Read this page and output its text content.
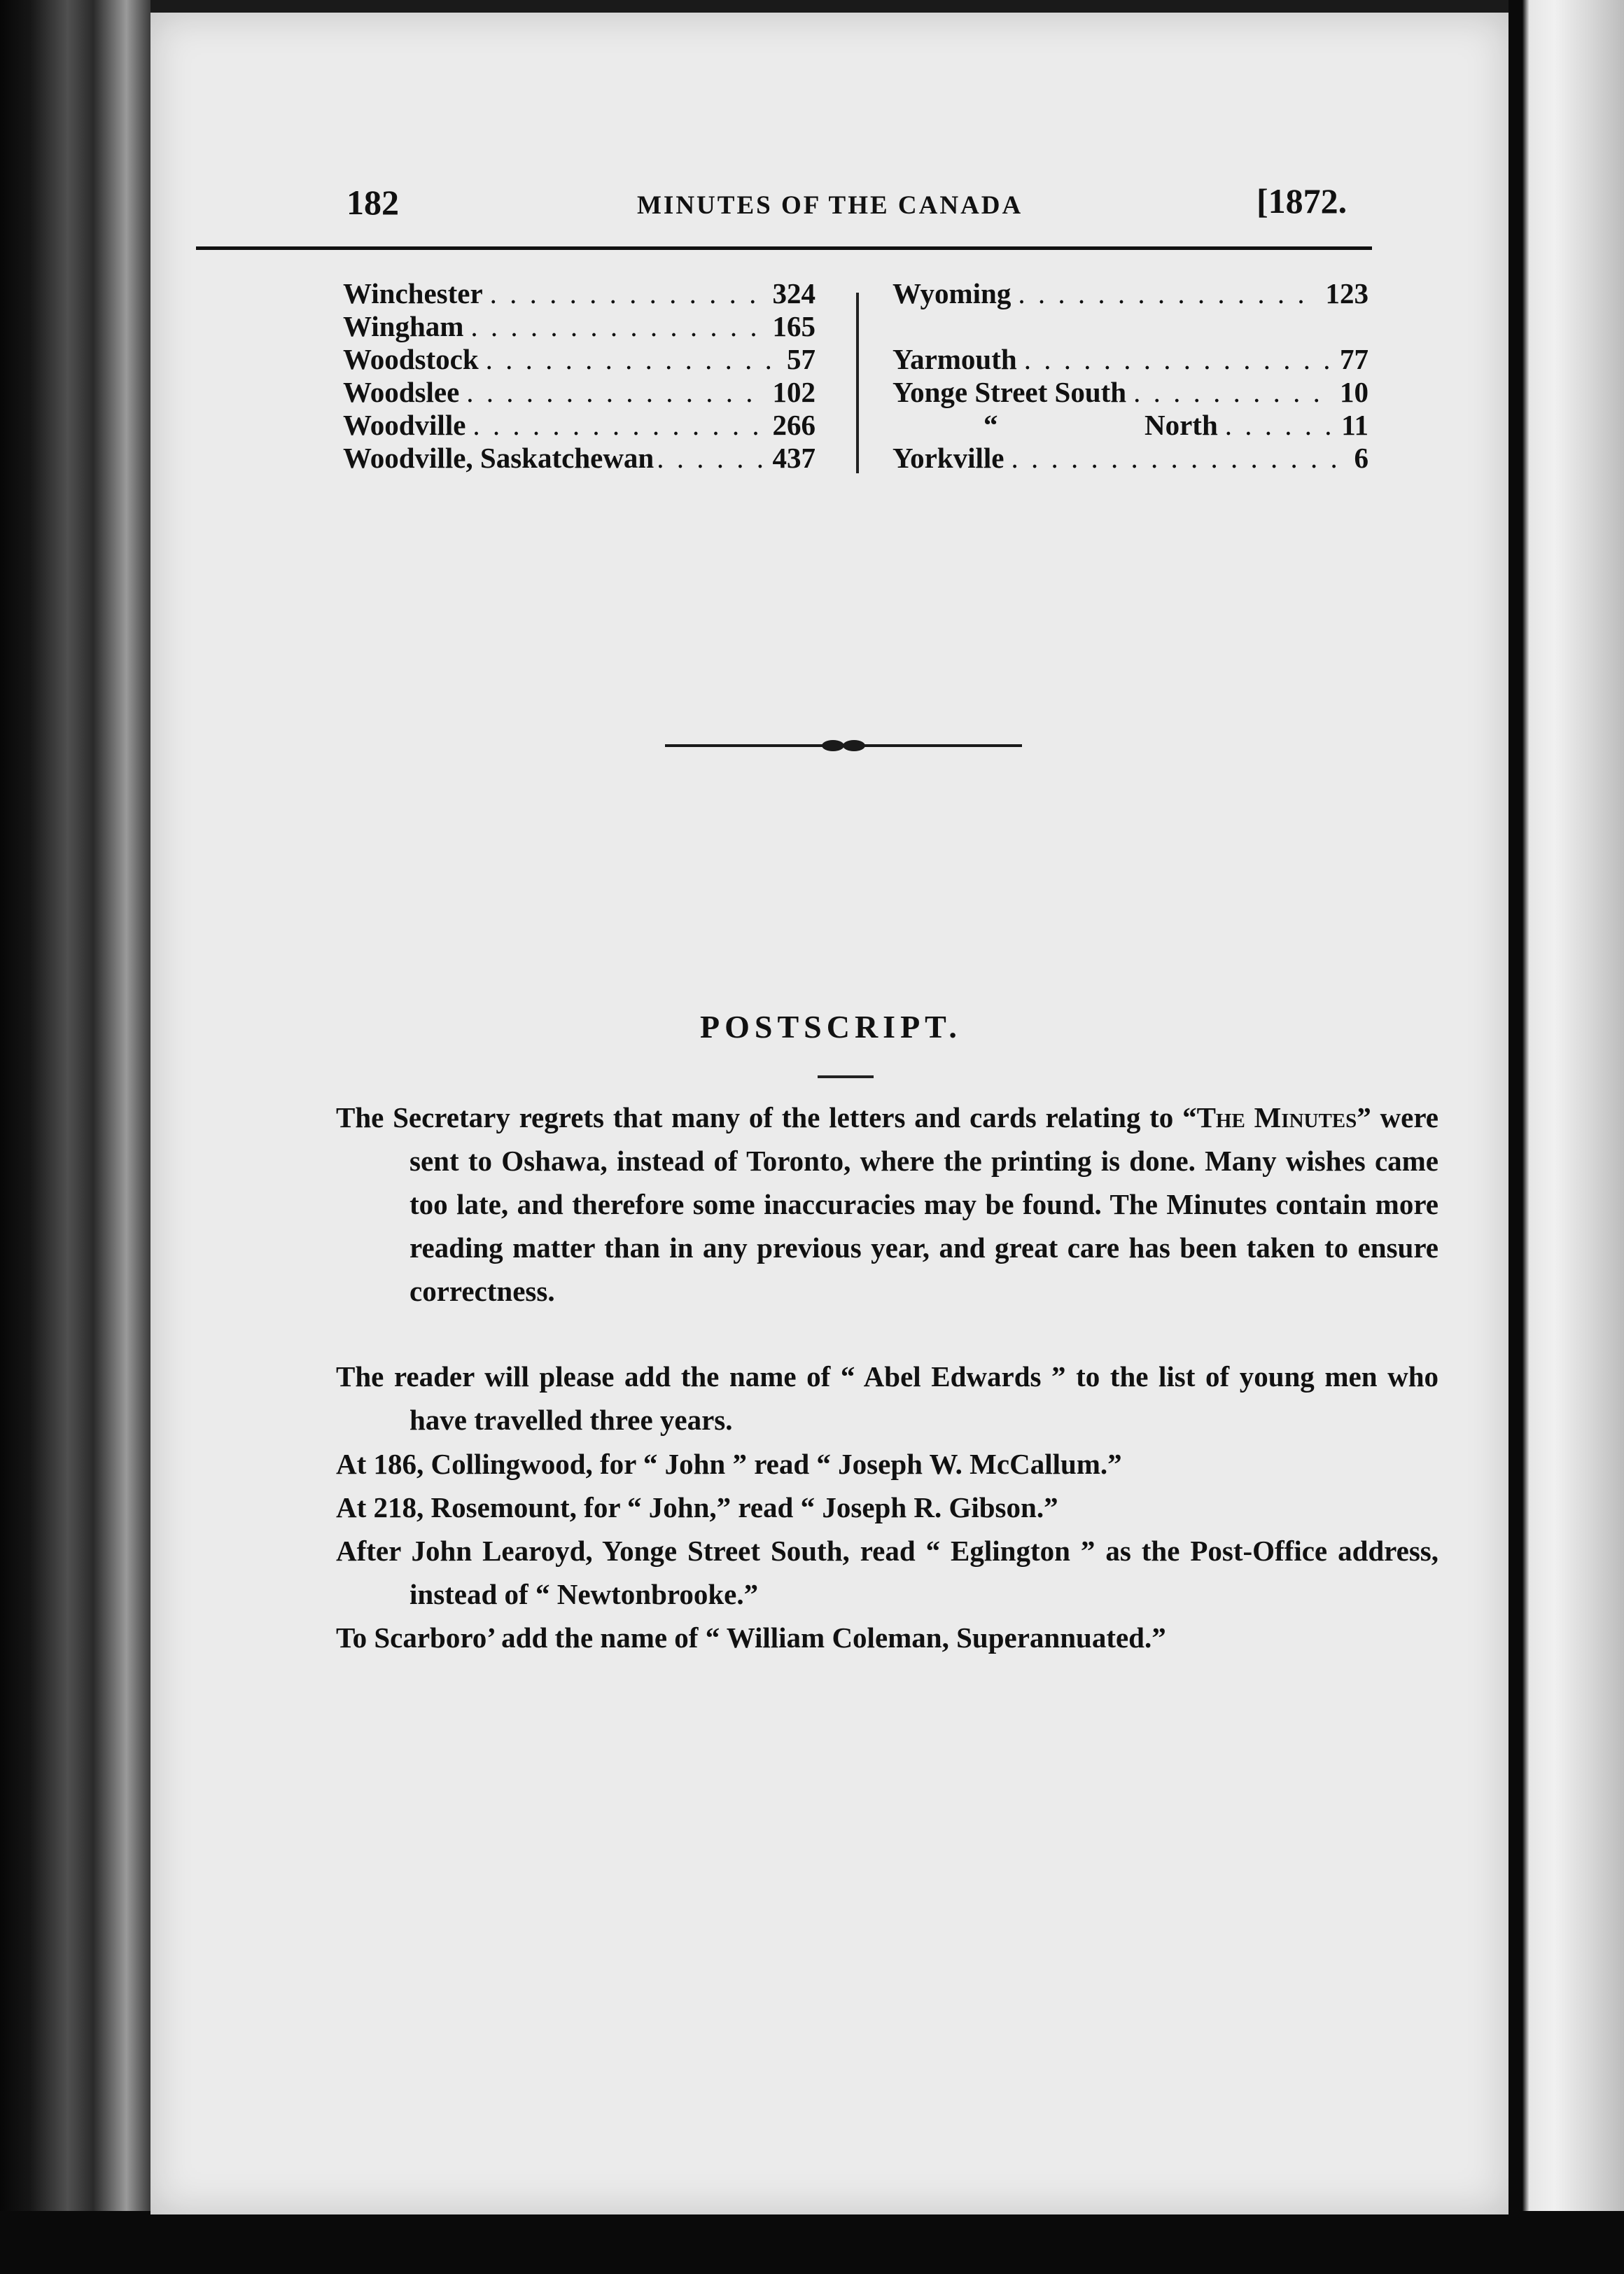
182	MINUTES OF THE CANADA	[1872.
Winchester . . .	324
Wingham . . .	165
Woodstock . . .	57
Woodslee . . .	102
Woodville . . .	266
Woodville, Saskatchewan . . .	437
Wyoming . . .	123
Yarmouth . . .	77
Yonge Street South . . .	10
“	North . . .	11
Yorkville . . .	6
POSTSCRIPT.
The Secretary regrets that many of the letters and cards relating to “The Minutes” were sent to Oshawa, instead of Toronto, where the printing is done. Many wishes came too late, and therefore some inaccuracies may be found. The Minutes contain more reading matter than in any previous year, and great care has been taken to ensure correctness.
The reader will please add the name of “ Abel Edwards ” to the list of young men who have travelled three years.
At 186, Collingwood, for “ John ” read “ Joseph W. McCallum.”
At 218, Rosemount, for “ John,” read “ Joseph R. Gibson.”
After John Learoyd, Yonge Street South, read “ Eglington ” as the Post-Office address, instead of “ Newtonbrooke.”
To Scarboro’ add the name of “ William Coleman, Superannuated.”
